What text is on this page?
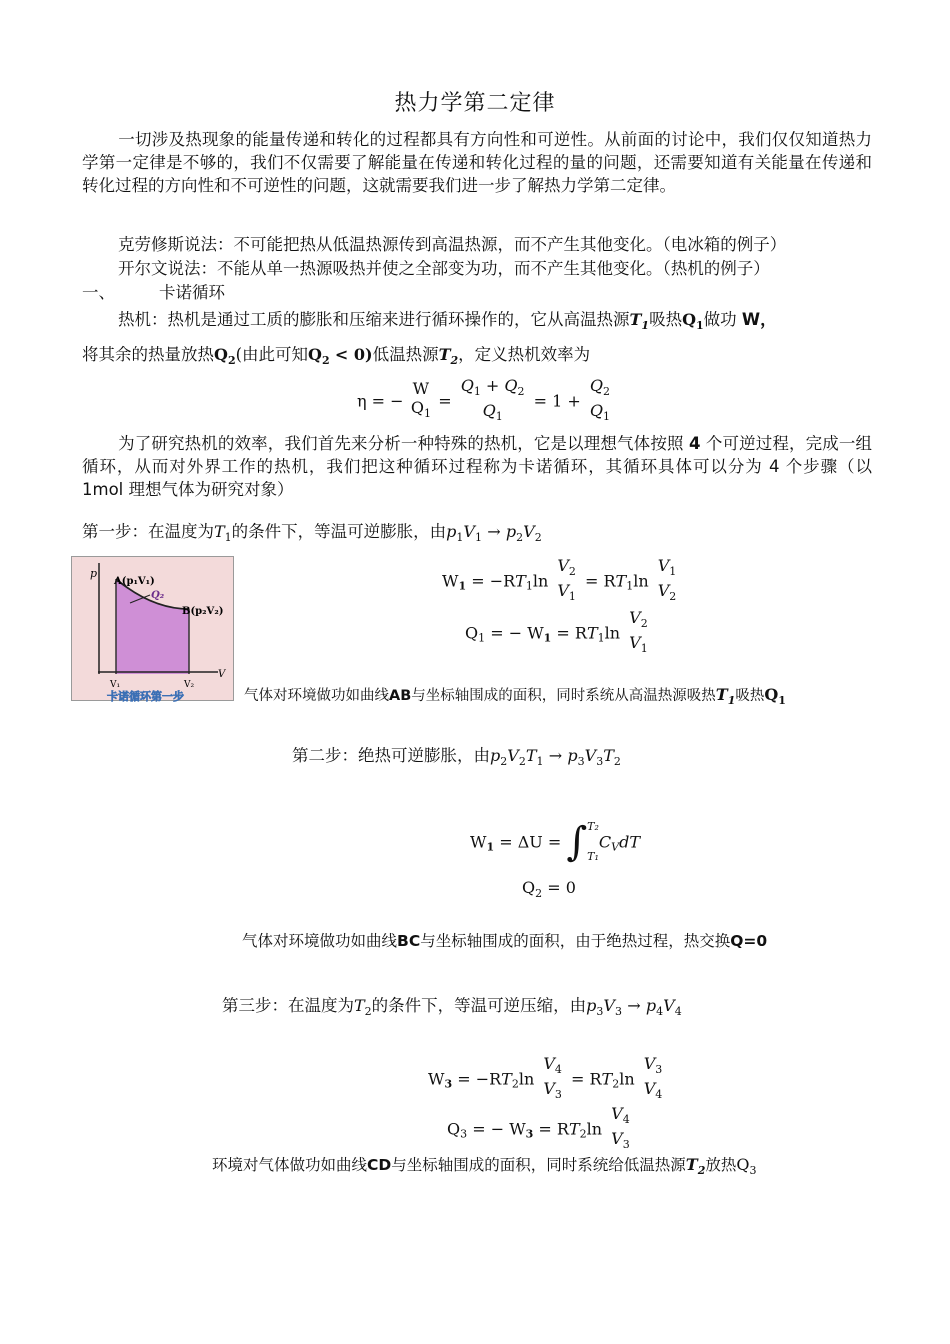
热力学第二定律
一切涉及热现象的能量传递和转化的过程都具有方向性和可逆性。从前面的讨论中，我们仅仅知道热力学第一定律是不够的，我们不仅需要了解能量在传递和转化过程的量的问题，还需要知道有关能量在传递和转化过程的方向性和不可逆性的问题，这就需要我们进一步了解热力学第二定律。
克劳修斯说法：不可能把热从低温热源传到高温热源，而不产生其他变化。（电冰箱的例子）
开尔文说法：不能从单一热源吸热并使之全部变为功，而不产生其他变化。（热机的例子）
一、	卡诺循环
热机：热机是通过工质的膨胀和压缩来进行循环操作的，它从高温热源$T_1$吸热$Q_1$做功 W，
将其余的热量放热$Q_2$(由此可知$Q_2 < 0$)低温热源$T_2$，定义热机效率为
η = −
W
$Q_1$
=
$Q_1 + Q_2$
$Q_1$
= 1 +
$Q_2$
$Q_1$
为了研究热机的效率，我们首先来分析一种特殊的热机，它是以理想气体按照 4 个可逆过程，完成一组循环，从而对外界工作的热机，我们把这种循环过程称为卡诺循环，其循环具体可以分为 4 个步骤（以 1mol 理想气体为研究对象）
第一步：在温度为$T_1$的条件下，等温可逆膨胀，由$p_1V_1 \to p_2V_2$
p
V
A(p₁V₁)
B(p₂V₂)
Q₂
V₁	V₂
卡诺循环第一步
$W_1 = -RT_1\ln$
$V_2$
$V_1$
= $RT_1\ln$
$V_1$
$V_2$
$Q_1$ = − $W_1 = RT_1\ln$
$V_2$
$V_1$
气体对环境做功如曲线AB与坐标轴围成的面积，同时系统从高温热源吸热$T_1$吸热$Q_1$
第二步：绝热可逆膨胀，由$p_2V_2T_1 \to p_3V_3T_2$
$W_1 = \Delta U$ = ∫ T₂
T₁
$C_VdT$
$Q_2 = 0$
气体对环境做功如曲线BC与坐标轴围成的面积，由于绝热过程，热交换Q=0
第三步：在温度为$T_2$的条件下，等温可逆压缩，由$p_3V_3 \to p_4V_4$
$W_3 = -RT_2\ln$
$V_4$
$V_3$
= $RT_2\ln$
$V_3$
$V_4$
$Q_3$ = − $W_3 = RT_2\ln$
$V_4$
$V_3$
环境对气体做功如曲线CD与坐标轴围成的面积，同时系统给低温热源$T_2$放热$Q_3$
